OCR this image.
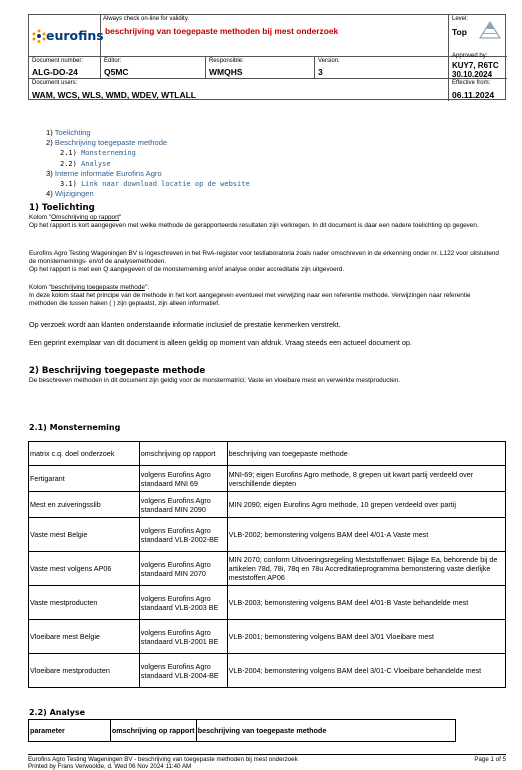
eurofins
Always check on-line for validity.
beschrijving van toegepaste methoden bij mest onderzoek
Level:
Top
Document number:
ALG-DO-24
Editor:
Q5MC
Responsible:
WMQHS
Version:
3
Approved by:
KUY7, R6TC
30.10.2024
Document users:
WAM, WCS, WLS, WMD, WDEV, WTLALL
Effective from:
06.11.2024
1) Toelichting
2) Beschrijving toegepaste methode
2.1) Monsterneming
2.2) Analyse
3) Interne informatie Eurofins Agro
3.1) Link naar download locatie op de website
4) Wijzigingen
1) Toelichting
Kolom "Omschrijving op rapport"
Op het rapport is kort aangegeven met welke methode de gerapporteerde resultaten zijn verkregen. In dit document is daar een nadere toelichting op gegeven.
Eurofins Agro Testing Wageningen BV is ingeschreven in het RvA-register voor testlaboratoria zoals nader omschreven in de erkenning onder nr. L122 voor uitsluitend de monsternemings- en/of de analysemethoden.
Op het rapport is met een Q aangegeven of de monsterneming en/of analyse onder accreditatie zijn uitgevoerd.
Kolom "beschrijving toegepaste methode":
In deze kolom staat het principe van de methode in het kort aangegeven eventueel met verwijzing naar een referentie methode. Verwijzingen naar referentie methoden die tussen haken ( ) zijn geplaatst, zijn alleen informatief.
Op verzoek wordt aan klanten onderstaande informatie inclusief de prestatie kenmerken verstrekt.
Een geprint exemplaar van dit document is alleen geldig op moment van afdruk. Vraag steeds een actueel document op.
2) Beschrijving toegepaste methode
De beschreven methoden in dit document zijn geldig voor de monstermatrici; Vaste en vloeibare mest en verwerkte mestproducten.
2.1) Monsterneming
matrix c.q. doel onderzoek	omschrijving op rapport	beschrijving van toegepaste methode
Fertigarant	volgens Eurofins Agro standaard MNI 69	MNI-69; eigen Eurofins Agro methode, 8 grepen uit kwart partij verdeeld over verschillende diepten
Mest en zuiveringsslib	volgens Eurofins Agro standaard MIN 2090	MIN 2090; eigen Eurofins Agro methode, 10 grepen verdeeld over partij
Vaste mest Belgie	volgens Eurofins Agro standaard VLB-2002-BE	VLB-2002; bemonstering volgens BAM deel 4/01-A Vaste mest
Vaste mest volgens AP06	volgens Eurofins Agro standaard MIN 2070	MIN 2070; conform Uitvoeringsregeling Meststoffenwet: Bijlage Ea, behorende bij de artikelen 78d, 78i, 78q en 78u Accreditatieprogramma bemonstering vaste dierlijke meststoffen AP06
Vaste mestproducten	volgens Eurofins Agro standaard VLB-2003 BE	VLB-2003; bemonstering volgens BAM deel 4/01-B Vaste behandelde mest
Vloeibare mest Belgie	volgens Eurofins Agro standaard VLB-2001 BE	VLB-2001; bemonstering volgens BAM deel 3/01 Vloeibare mest
Vloeibare mestproducten	volgens Eurofins Agro standaard VLB-2004-BE	VLB-2004; bemonstering volgens BAM deel 3/01-C Vloeibare behandelde mest
2.2) Analyse
parameter	omschrijving op rapport	beschrijving van toegepaste methode
Eurofins Agro Testing Wageningen BV - beschrijving van toegepaste methoden bij mest onderzoek
Printed by Frans Verwoolde, d. Wed 06 Nov 2024 11:40 AM
Page 1 of 5
